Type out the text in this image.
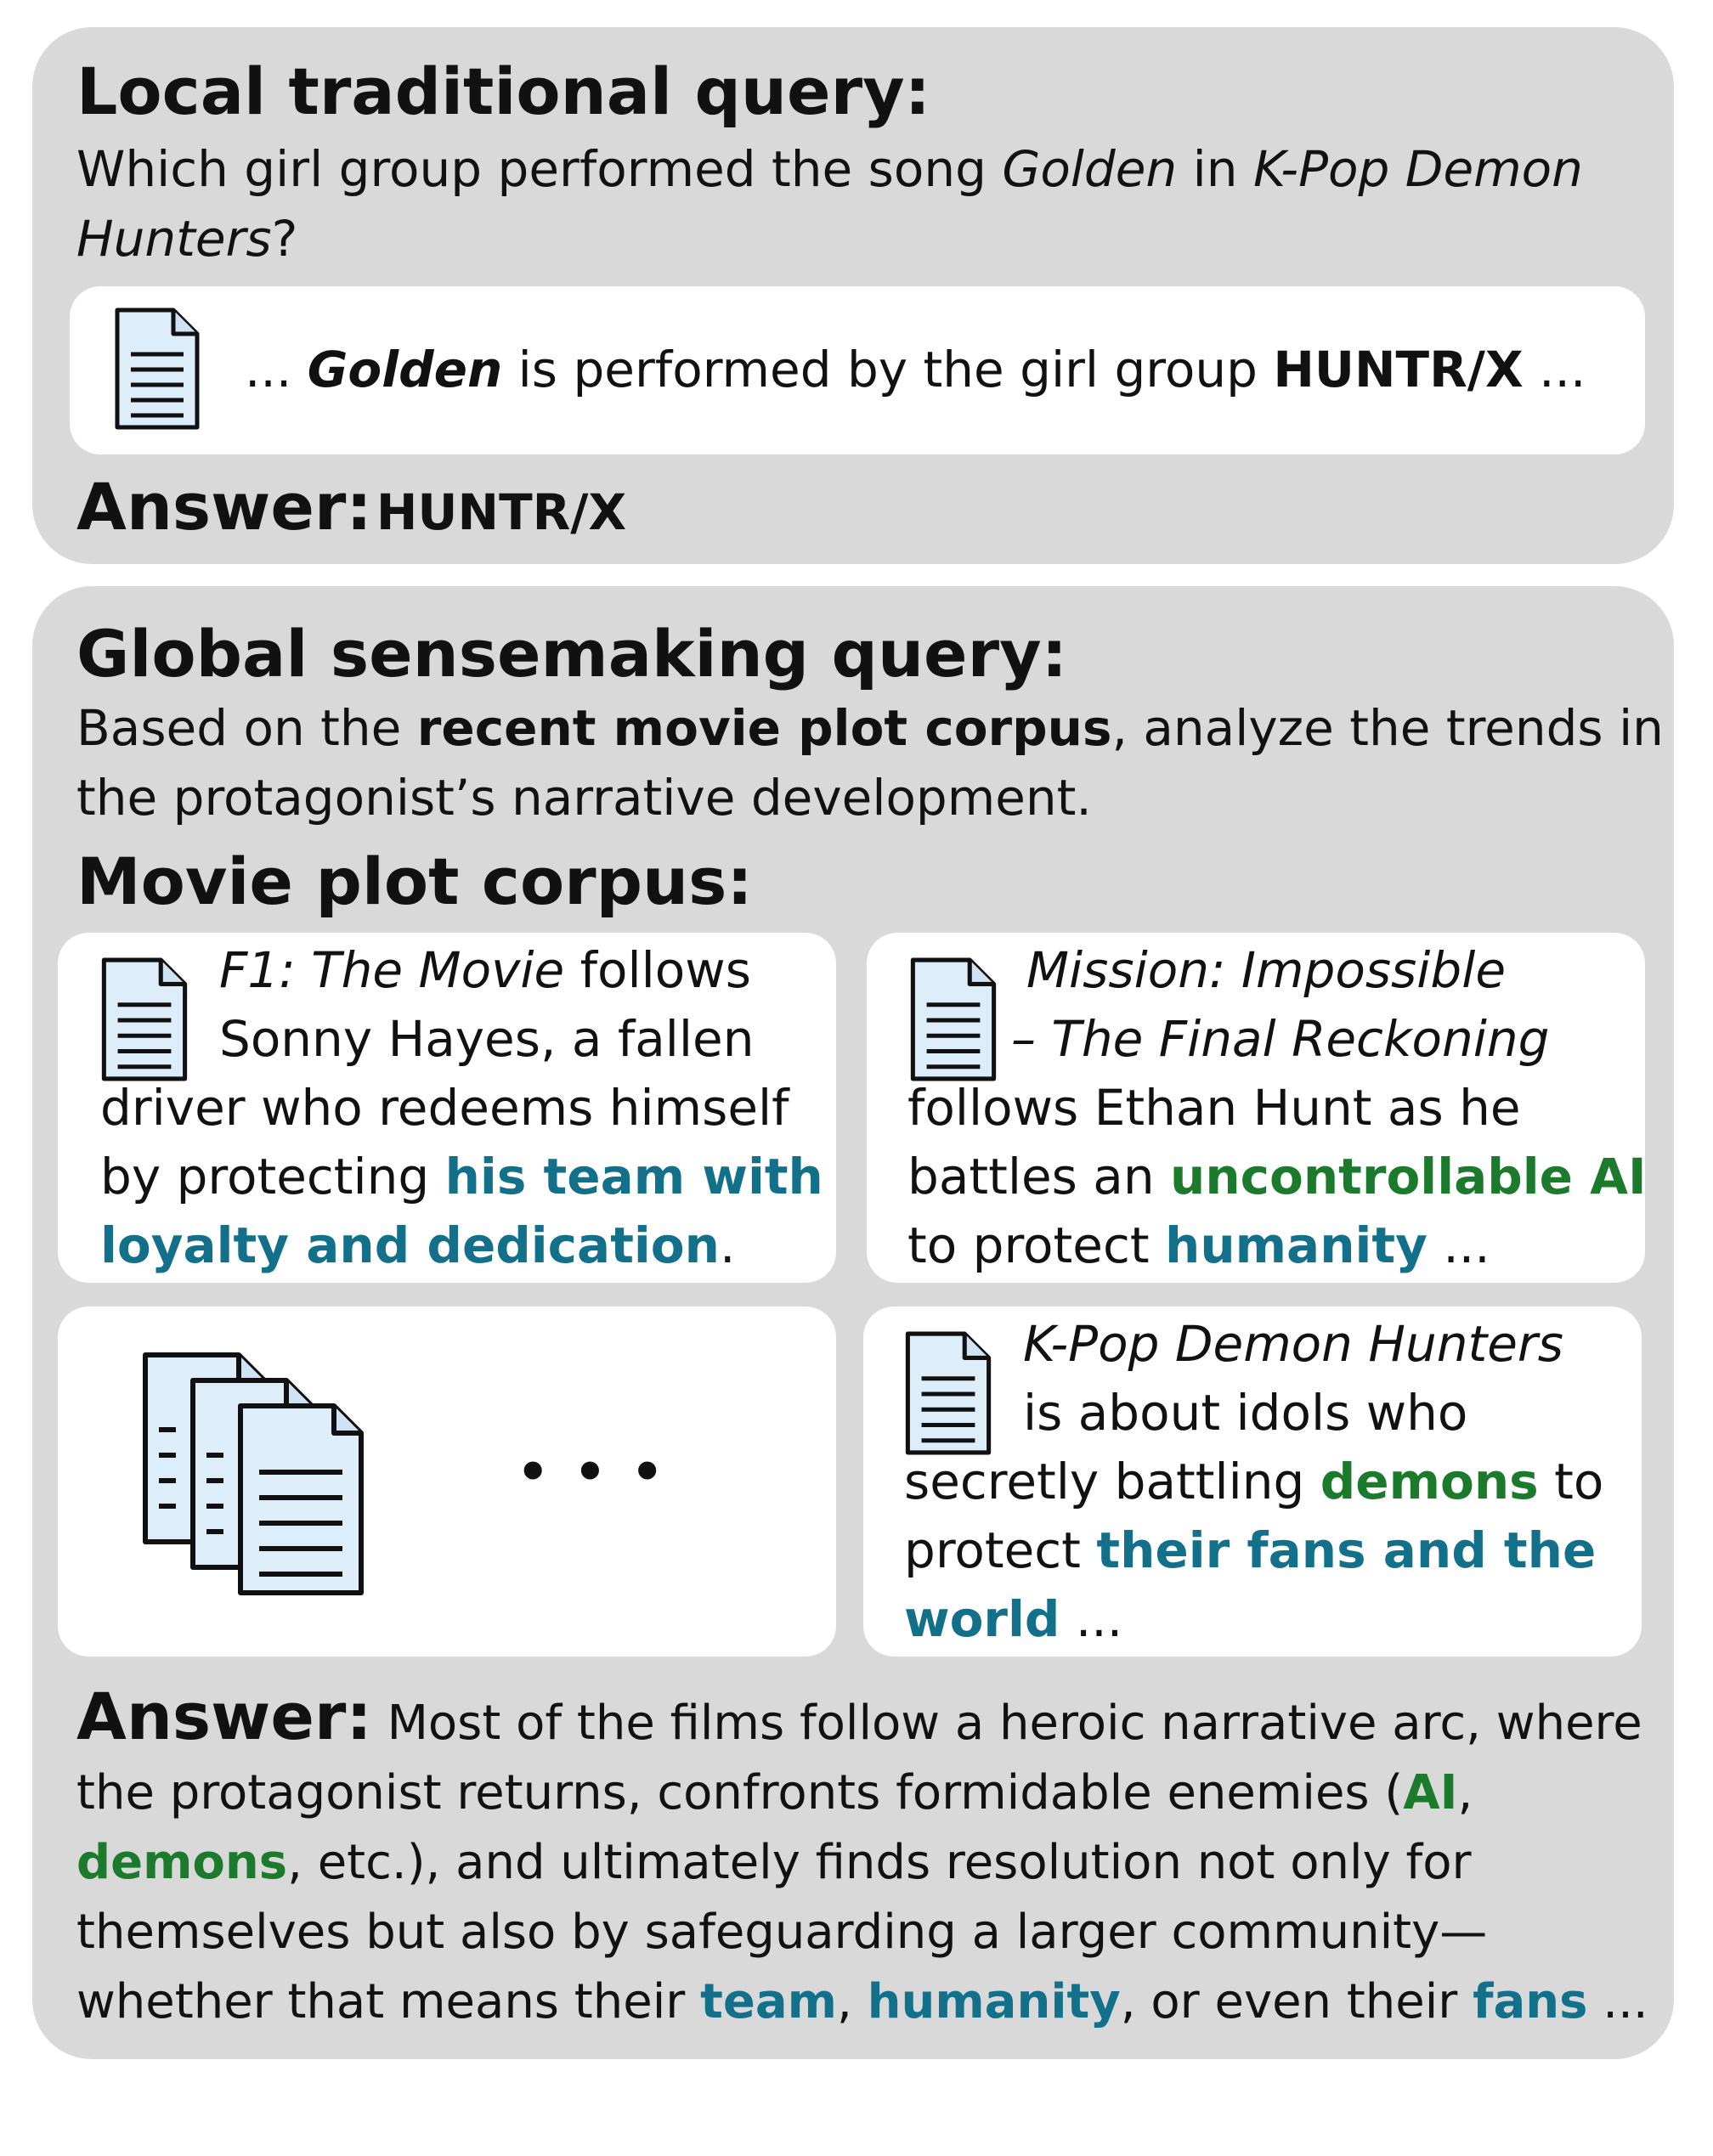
Local traditional query:
Which girl group performed the song Golden in K-Pop Demon
Hunters?
... Golden is performed by the girl group HUNTR/X ...
Answer: HUNTR/X
Global sensemaking query:
Based on the recent movie plot corpus, analyze the trends in
the protagonist’s narrative development.
Movie plot corpus:
F1: The Movie follows
Sonny Hayes, a fallen
driver who redeems himself
by protecting his team with
loyalty and dedication.
Mission: Impossible
– The Final Reckoning
follows Ethan Hunt as he
battles an uncontrollable AI
to protect humanity ...
• • •
K-Pop Demon Hunters
is about idols who
secretly battling demons to
protect their fans and the
world ...
Answer: Most of the films follow a heroic narrative arc, where
the protagonist returns, confronts formidable enemies (AI,
demons, etc.), and ultimately finds resolution not only for
themselves but also by safeguarding a larger community—
whether that means their team, humanity, or even their fans ...
